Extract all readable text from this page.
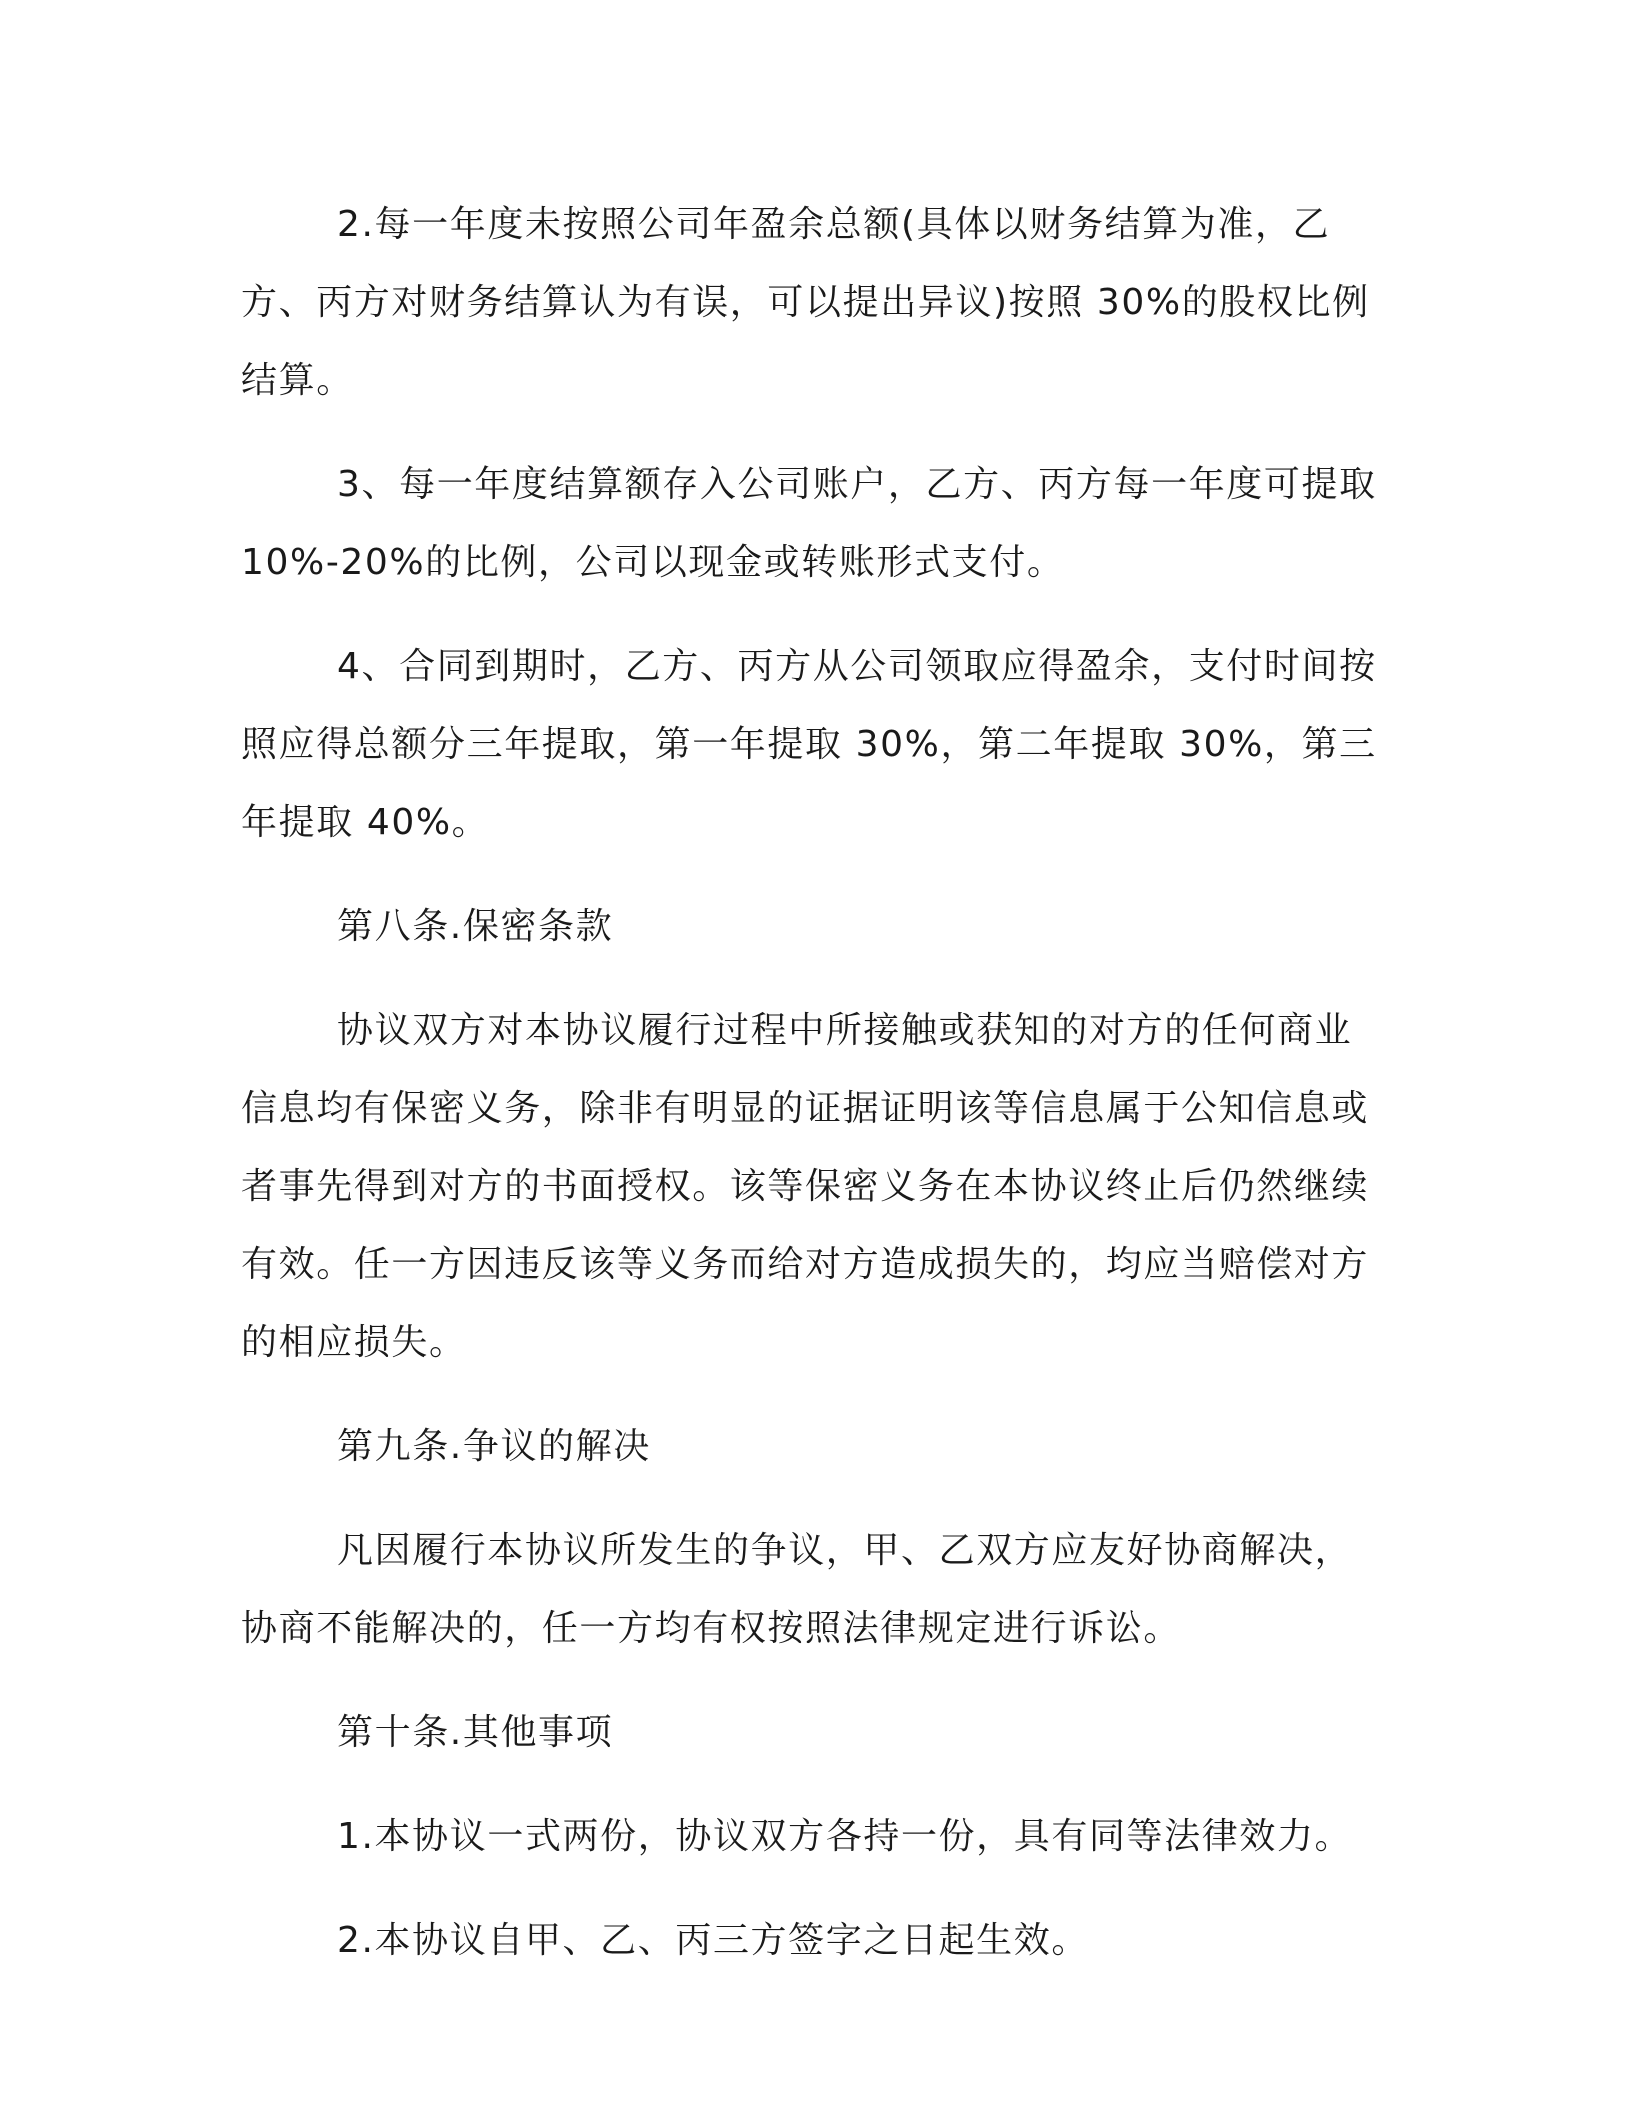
2.每一年度未按照公司年盈余总额(具体以财务结算为准，乙方、丙方对财务结算认为有误，可以提出异议)按照 30%的股权比例结算。

3、每一年度结算额存入公司账户，乙方、丙方每一年度可提取 10%-20%的比例，公司以现金或转账形式支付。

4、合同到期时，乙方、丙方从公司领取应得盈余，支付时间按照应得总额分三年提取，第一年提取 30%，第二年提取 30%，第三年提取 40%。

第八条.保密条款

协议双方对本协议履行过程中所接触或获知的对方的任何商业信息均有保密义务，除非有明显的证据证明该等信息属于公知信息或者事先得到对方的书面授权。该等保密义务在本协议终止后仍然继续有效。任一方因违反该等义务而给对方造成损失的，均应当赔偿对方的相应损失。

第九条.争议的解决

凡因履行本协议所发生的争议，甲、乙双方应友好协商解决，协商不能解决的，任一方均有权按照法律规定进行诉讼。

第十条.其他事项

1.本协议一式两份，协议双方各持一份，具有同等法律效力。

2.本协议自甲、乙、丙三方签字之日起生效。
